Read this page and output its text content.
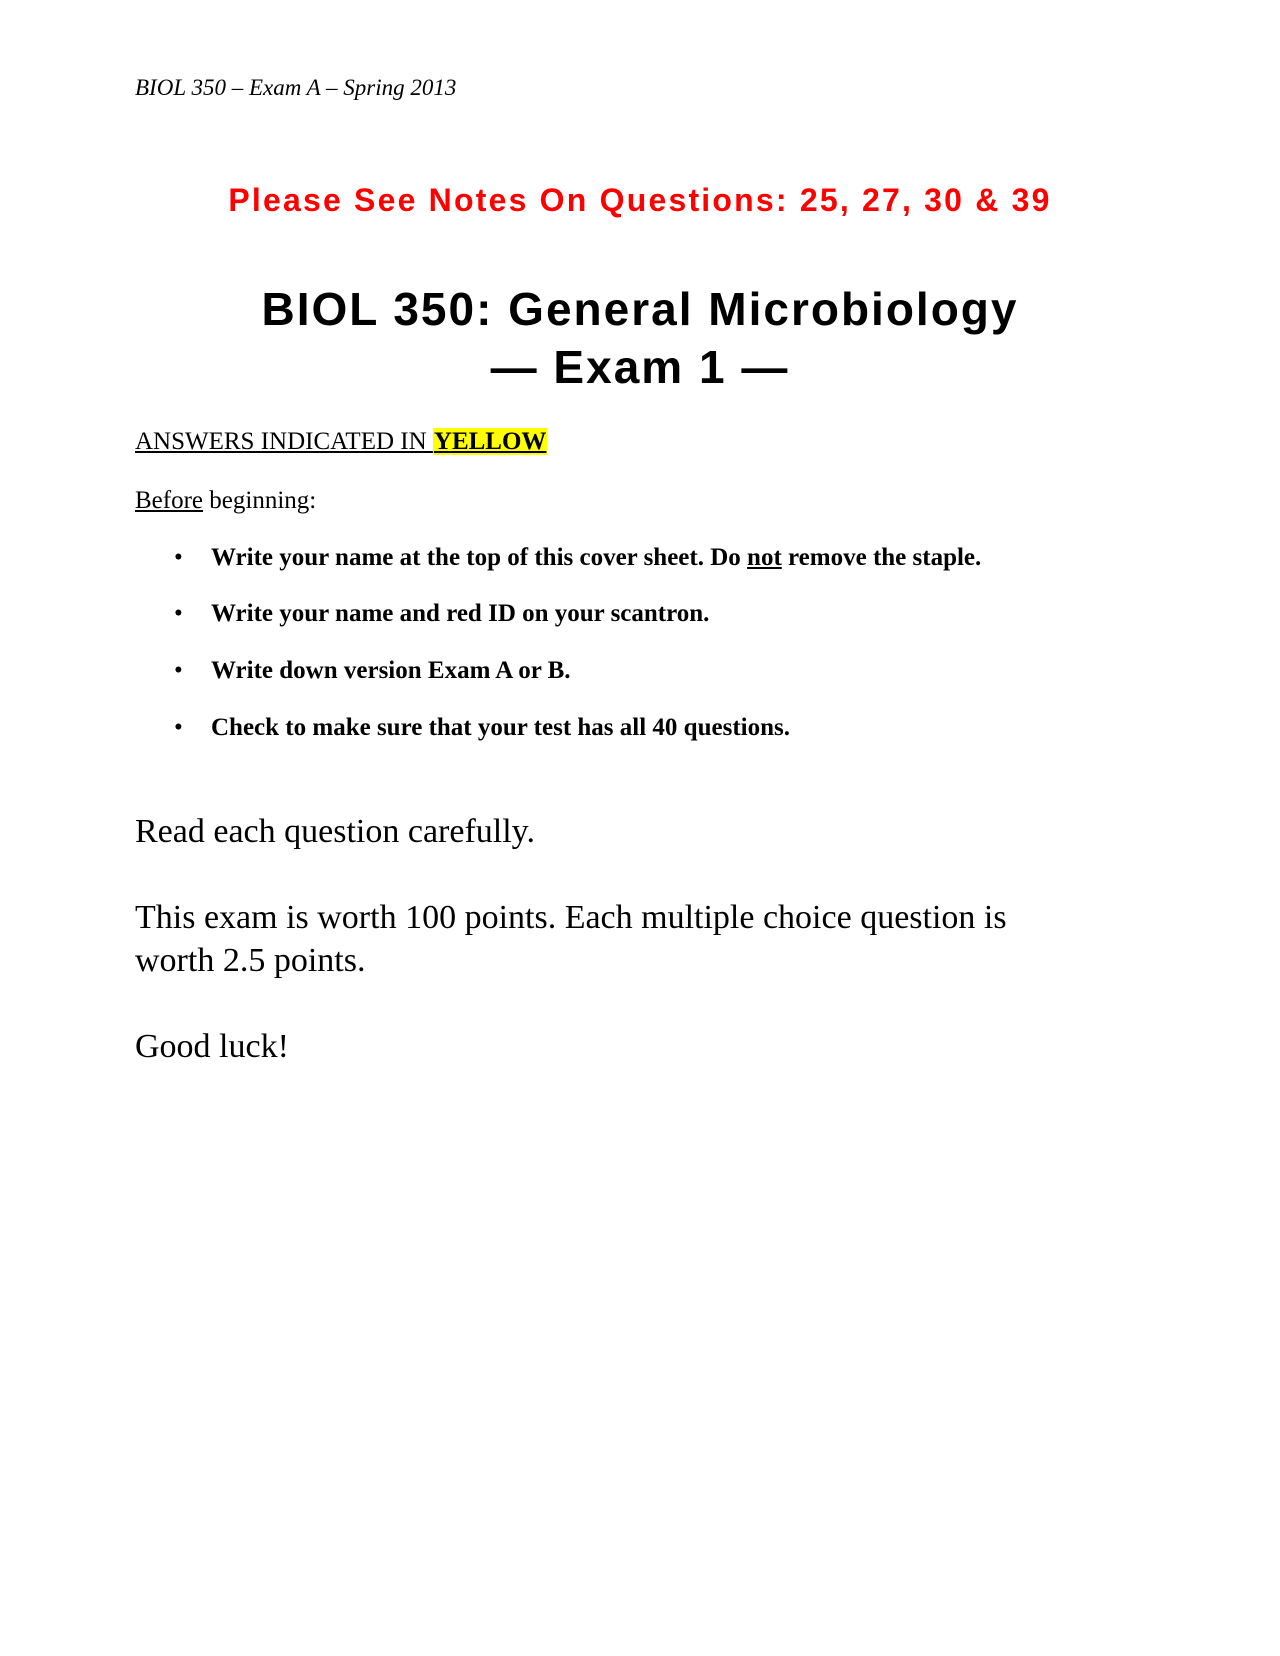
BIOL 350 – Exam A – Spring 2013
Please See Notes On Questions: 25, 27, 30 & 39
BIOL 350: General Microbiology
— Exam 1 —
ANSWERS INDICATED IN YELLOW
Before beginning:
• Write your name at the top of this cover sheet. Do not remove the staple.
• Write your name and red ID on your scantron.
• Write down version Exam A or B.
• Check to make sure that your test has all 40 questions.
Read each question carefully.
This exam is worth 100 points. Each multiple choice question is
worth 2.5 points.
Good luck!
